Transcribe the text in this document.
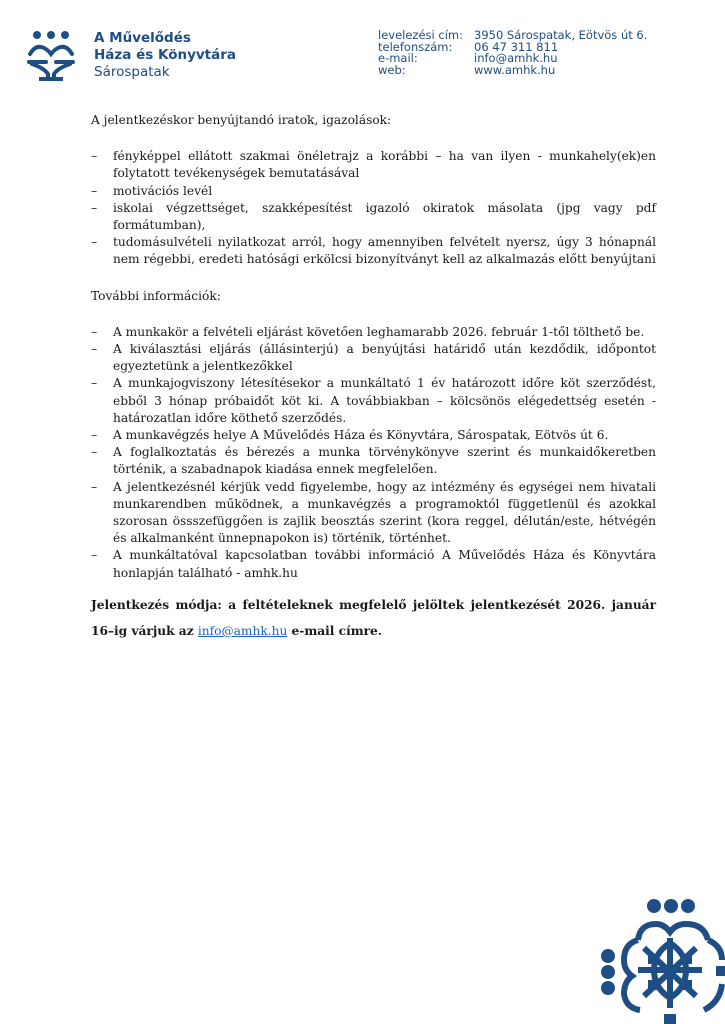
A Művelődés
Háza és Könyvtára
Sárospatak
levelezési cím: 3950 Sárospatak, Eötvös út 6.
telefonszám:	06 47 311 811
e-mail:	info@amhk.hu
web:	www.amhk.hu

A jelentkezéskor benyújtandó iratok, igazolások:

– fényképpel ellátott szakmai önéletrajz a korábbi – ha van ilyen - munkahely(ek)en folytatott tevékenységek bemutatásával
– motivációs levél
– iskolai végzettséget, szakképesítést igazoló okiratok másolata (jpg vagy pdf formátumban),
– tudomásulvételi nyilatkozat arról, hogy amennyiben felvételt nyersz, úgy 3 hónapnál nem régebbi, eredeti hatósági erkölcsi bizonyítványt kell az alkalmazás előtt benyújtani

További információk:

– A munkakör a felvételi eljárást követően leghamarabb 2026. február 1-től tölthető be.
– A kiválasztási eljárás (állásinterjú) a benyújtási határidő után kezdődik, időpontot egyeztetünk a jelentkezőkkel
– A munkajogviszony létesítésekor a munkáltató 1 év határozott időre köt szerződést, ebből 3 hónap próbaidőt köt ki. A továbbiakban – kölcsönös elégedettség esetén - határozatlan időre köthető szerződés.
– A munkavégzés helye A Művelődés Háza és Könyvtára, Sárospatak, Eötvös út 6.
– A foglalkoztatás és bérezés a munka törvénykönyve szerint és munkaidőkeretben történik, a szabadnapok kiadása ennek megfelelően.
– A jelentkezésnél kérjük vedd figyelembe, hogy az intézmény és egységei nem hivatali munkarendben működnek, a munkavégzés a programoktól függetlenül és azokkal szorosan össszefüggően is zajlik beosztás szerint (kora reggel, délután/este, hétvégén és alkalmanként ünnepnapokon is) történik, történhet.
– A munkáltatóval kapcsolatban további információ A Művelődés Háza és Könyvtára honlapján található - amhk.hu

Jelentkezés módja: a feltételeknek megfelelő jelöltek jelentkezését 2026. január 16–ig várjuk az info@amhk.hu e-mail címre.
